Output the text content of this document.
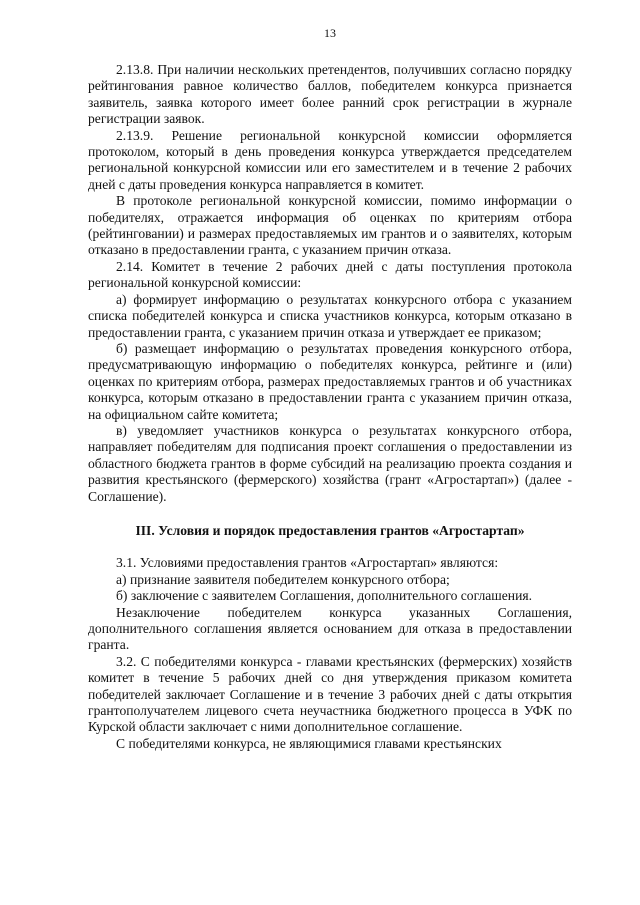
13

2.13.8. При наличии нескольких претендентов, получивших согласно порядку рейтингования равное количество баллов, победителем конкурса признается заявитель, заявка которого имеет более ранний срок регистрации в журнале регистрации заявок.

2.13.9. Решение региональной конкурсной комиссии оформляется протоколом, который в день проведения конкурса утверждается председателем региональной конкурсной комиссии или его заместителем и в течение 2 рабочих дней с даты проведения конкурса направляется в комитет.

В протоколе региональной конкурсной комиссии, помимо информации о победителях, отражается информация об оценках по критериям отбора (рейтинговании) и размерах предоставляемых им грантов и о заявителях, которым отказано в предоставлении гранта, с указанием причин отказа.

2.14. Комитет в течение 2 рабочих дней с даты поступления протокола региональной конкурсной комиссии:

а) формирует информацию о результатах конкурсного отбора с указанием списка победителей конкурса и списка участников конкурса, которым отказано в предоставлении гранта, с указанием причин отказа и утверждает ее приказом;

б) размещает информацию о результатах проведения конкурсного отбора, предусматривающую информацию о победителях конкурса, рейтинге и (или) оценках по критериям отбора, размерах предоставляемых грантов и об участниках конкурса, которым отказано в предоставлении гранта с указанием причин отказа, на официальном сайте комитета;

в) уведомляет участников конкурса о результатах конкурсного отбора, направляет победителям для подписания проект соглашения о предоставлении из областного бюджета грантов в форме субсидий на реализацию проекта создания и развития крестьянского (фермерского) хозяйства (грант «Агростартап») (далее - Соглашение).

III. Условия и порядок предоставления грантов «Агростартап»

3.1. Условиями предоставления грантов «Агростартап» являются:

а) признание заявителя победителем конкурсного отбора;

б) заключение с заявителем Соглашения, дополнительного соглашения.

Незаключение победителем конкурса указанных Соглашения, дополнительного соглашения является основанием для отказа в предоставлении гранта.

3.2. С победителями конкурса - главами крестьянских (фермерских) хозяйств комитет в течение 5 рабочих дней со дня утверждения приказом комитета победителей заключает Соглашение и в течение 3 рабочих дней с даты открытия грантополучателем лицевого счета неучастника бюджетного процесса в УФК по Курской области заключает с ними дополнительное соглашение.

С победителями конкурса, не являющимися главами крестьянских
